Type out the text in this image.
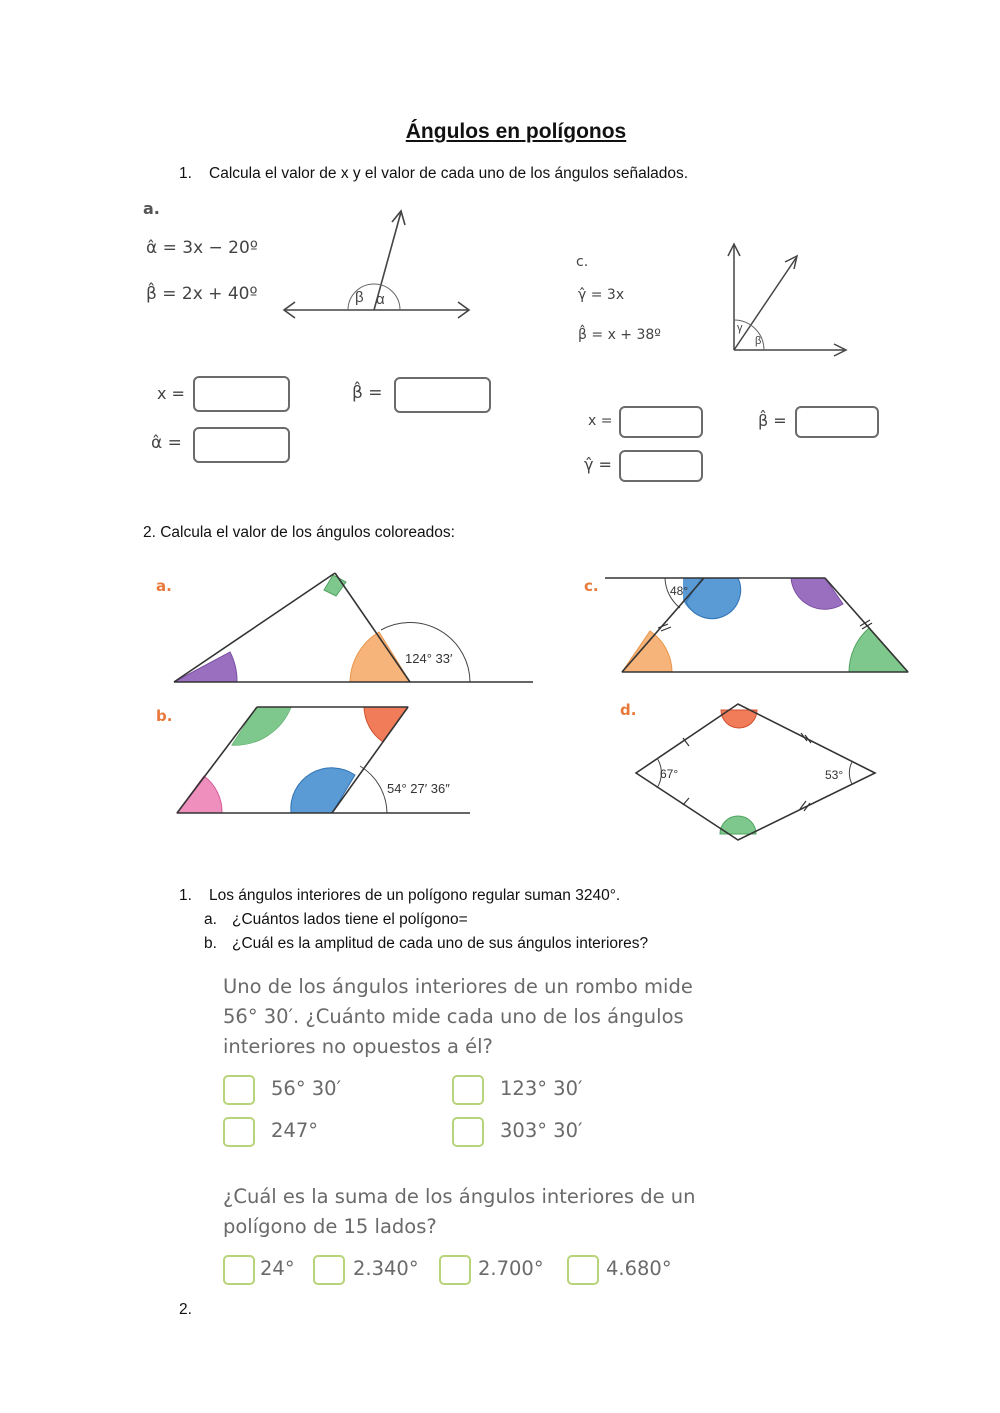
Ángulos en polígonos
1. Calcula el valor de x y el valor de cada uno de los ángulos señalados.
a.
α̂ = 3x − 20º
β̂ = 2x + 40º	β α
x =	β̂ =
α̂ =
c.
γ̂ = 3x
β̂ = x + 38º	γ
β
x =	β̂ =
γ̂ =
2. Calcula el valor de los ángulos coloreados:
a.
124° 33′
b.
54° 27′ 36″
c.	48°
d.
67°	53°
1. Los ángulos interiores de un polígono regular suman 3240°.
a. ¿Cuántos lados tiene el polígono=
b. ¿Cuál es la amplitud de cada uno de sus ángulos interiores?
Uno de los ángulos interiores de un rombo mide
56° 30′. ¿Cuánto mide cada uno de los ángulos
interiores no opuestos a él?
56° 30′	123° 30′
247°	303° 30′
¿Cuál es la suma de los ángulos interiores de un
polígono de 15 lados?
24°	2.340°	2.700°	4.680°
2.
